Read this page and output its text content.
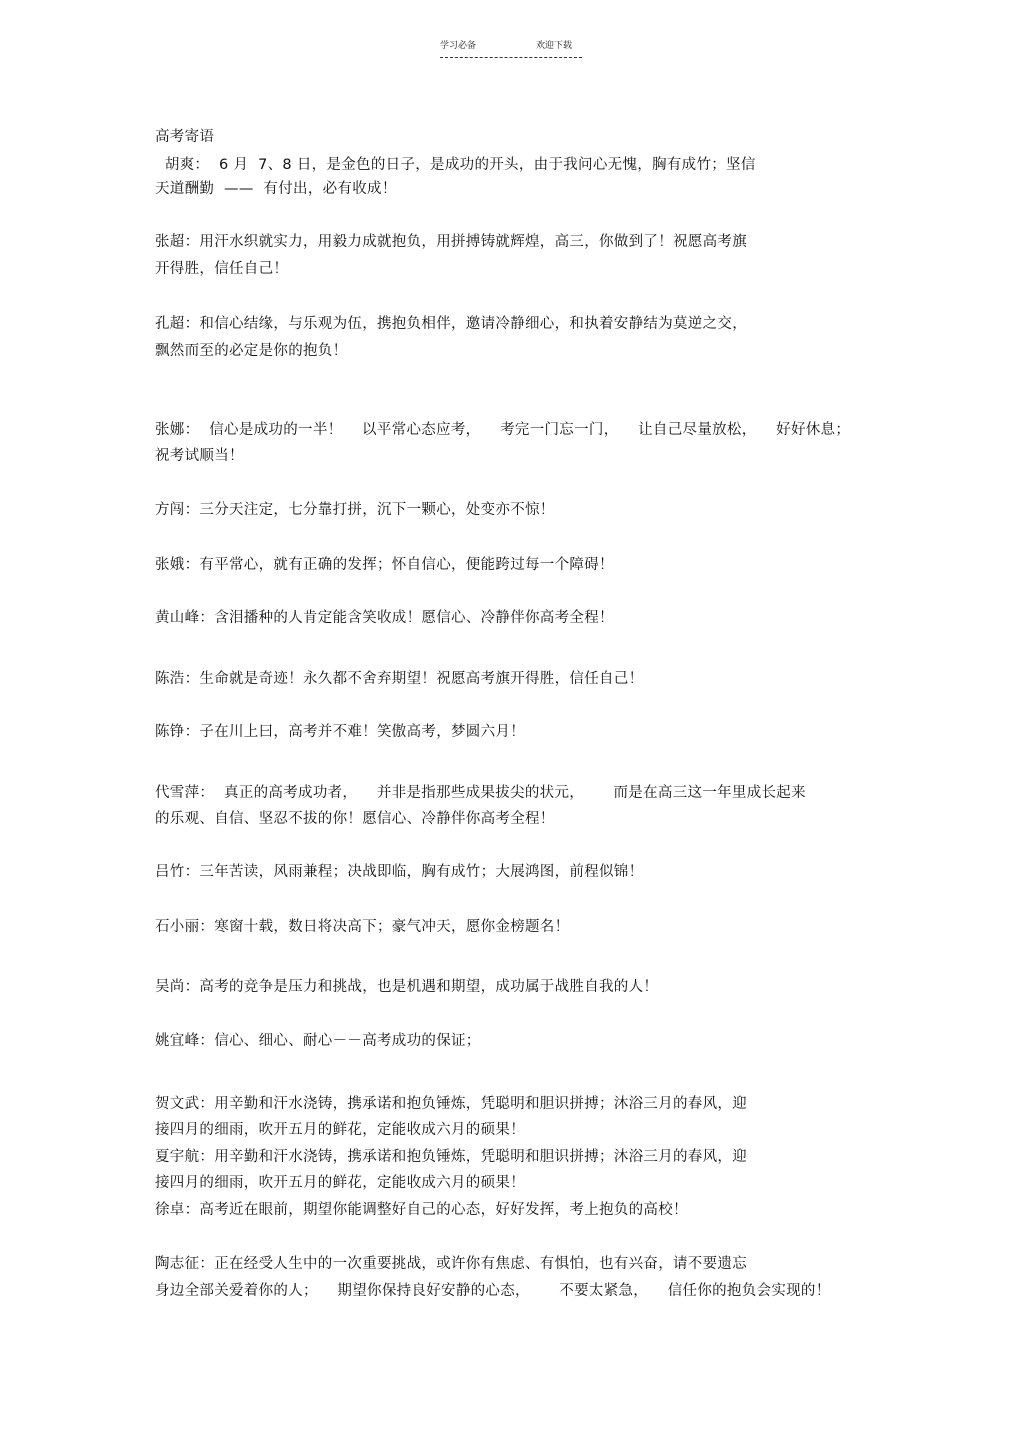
学习必备	欢迎下载
高考寄语
胡爽：  6 月  7、8 日，是金色的日子，是成功的开头，由于我问心无愧，胸有成竹；坚信
天道酬勤  ——  有付出，必有收成！
张超：用汗水织就实力，用毅力成就抱负，用拼搏铸就辉煌，高三，你做到了！祝愿高考旗
开得胜，信任自己！
孔超：和信心结缘，与乐观为伍，携抱负相伴，邀请冷静细心，和执着安静结为莫逆之交，
飘然而至的必定是你的抱负！
张娜：  信心是成功的一半！    以平常心态应考，    考完一门忘一门，    让自己尽量放松，    好好休息；
祝考试顺当！
方闯：三分天注定，七分靠打拼，沉下一颗心，处变亦不惊！
张娥：有平常心，就有正确的发挥；怀自信心，便能跨过每一个障碍！
黄山峰：含泪播种的人肯定能含笑收成！愿信心、冷静伴你高考全程！
陈浩：生命就是奇迹！永久都不舍弃期望！祝愿高考旗开得胜，信任自己！
陈铮：子在川上曰，高考并不难！笑傲高考，梦圆六月！
代雪萍：  真正的高考成功者，    并非是指那些成果拔尖的状元，      而是在高三这一年里成长起来
的乐观、自信、坚忍不拔的你！愿信心、冷静伴你高考全程！
吕竹：三年苦读，风雨兼程；决战即临，胸有成竹；大展鸿图，前程似锦！
石小丽：寒窗十载，数日将决高下；豪气冲天，愿你金榜题名！
吴尚：高考的竞争是压力和挑战，也是机遇和期望，成功属于战胜自我的人！
姚宜峰：信心、细心、耐心－－高考成功的保证；
贺文武：用辛勤和汗水浇铸，携承诺和抱负锤炼，凭聪明和胆识拼搏；沐浴三月的春风，迎
接四月的细雨，吹开五月的鲜花，定能收成六月的硕果！
夏宇航：用辛勤和汗水浇铸，携承诺和抱负锤炼，凭聪明和胆识拼搏；沐浴三月的春风，迎
接四月的细雨，吹开五月的鲜花，定能收成六月的硕果！
徐卓：高考近在眼前，期望你能调整好自己的心态，好好发挥，考上抱负的高校！
陶志征：正在经受人生中的一次重要挑战，或许你有焦虑、有惧怕，也有兴奋，请不要遗忘
身边全部关爱着你的人；    期望你保持良好安静的心态，      不要太紧急，    信任你的抱负会实现的！
